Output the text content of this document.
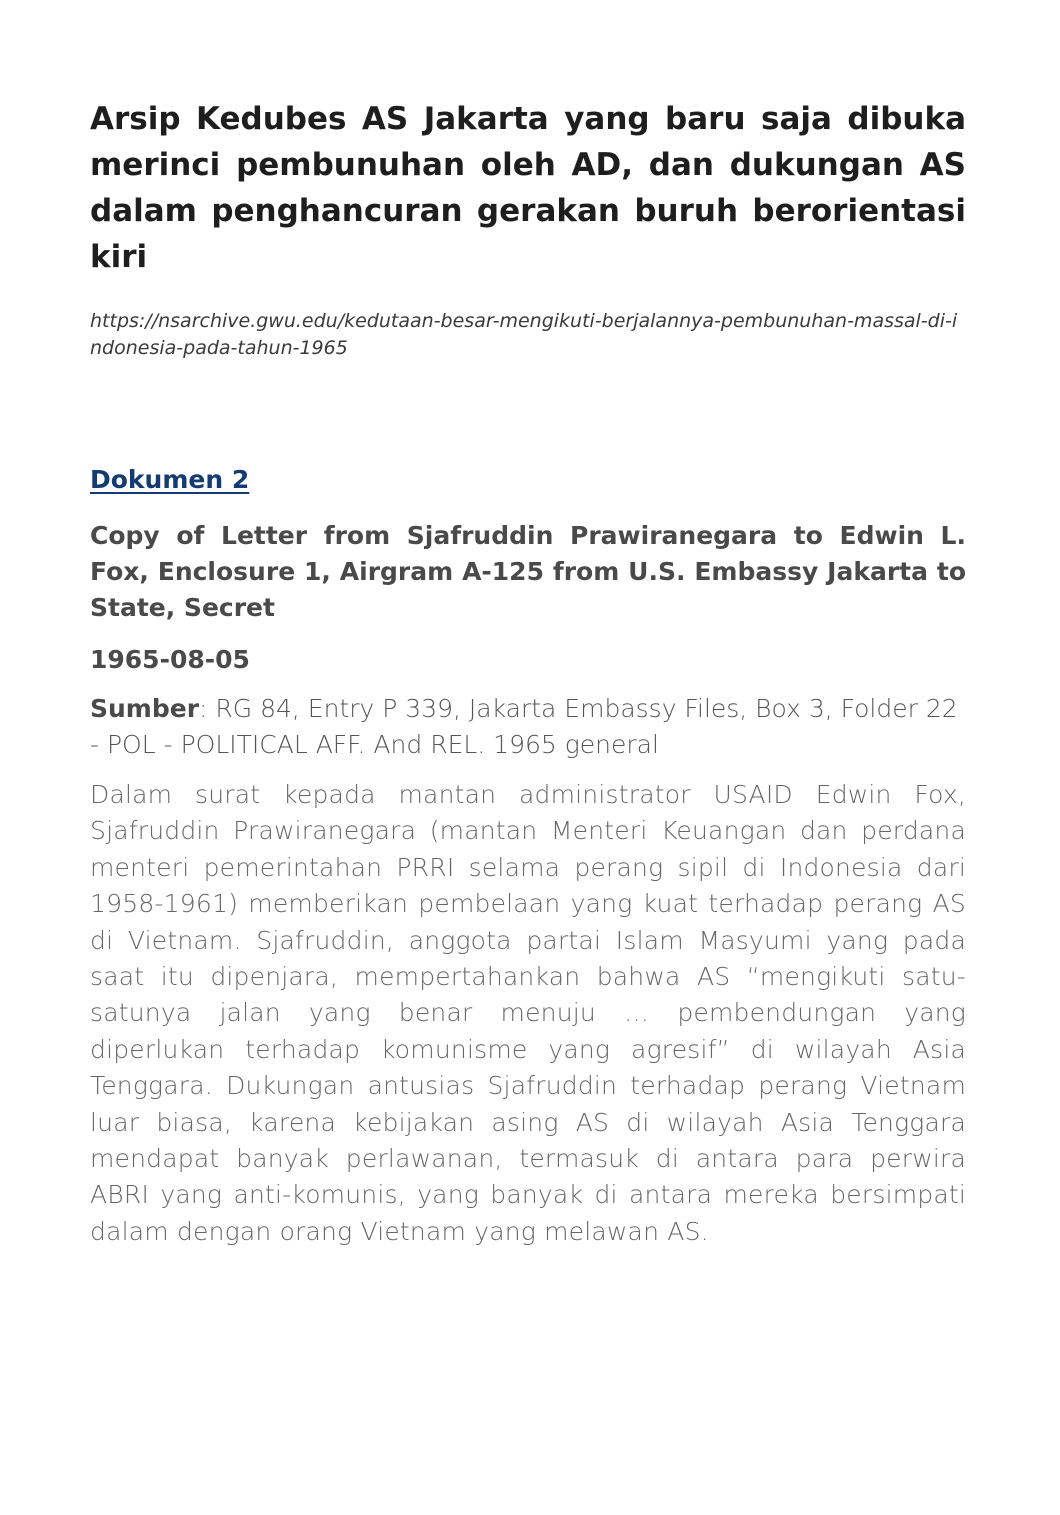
Arsip Kedubes AS Jakarta yang baru saja dibuka merinci pembunuhan oleh AD, dan dukungan AS dalam penghancuran gerakan buruh berorientasi kiri

https://nsarchive.gwu.edu/kedutaan-besar-mengikuti-berjalannya-pembunuhan-massal-di-indonesia-pada-tahun-1965

Dokumen 2

Copy of Letter from Sjafruddin Prawiranegara to Edwin L. Fox, Enclosure 1, Airgram A-125 from U.S. Embassy Jakarta to State, Secret

1965-08-05

Sumber: RG 84, Entry P 339, Jakarta Embassy Files, Box 3, Folder 22 - POL - POLITICAL AFF. And REL. 1965 general

Dalam surat kepada mantan administrator USAID Edwin Fox, Sjafruddin Prawiranegara (mantan Menteri Keuangan dan perdana menteri pemerintahan PRRI selama perang sipil di Indonesia dari 1958-1961) memberikan pembelaan yang kuat terhadap perang AS di Vietnam. Sjafruddin, anggota partai Islam Masyumi yang pada saat itu dipenjara, mempertahankan bahwa AS “mengikuti satu-satunya jalan yang benar menuju … pembendungan yang diperlukan terhadap komunisme yang agresif” di wilayah Asia Tenggara. Dukungan antusias Sjafruddin terhadap perang Vietnam luar biasa, karena kebijakan asing AS di wilayah Asia Tenggara mendapat banyak perlawanan, termasuk di antara para perwira ABRI yang anti-komunis, yang banyak di antara mereka bersimpati dalam dengan orang Vietnam yang melawan AS.
